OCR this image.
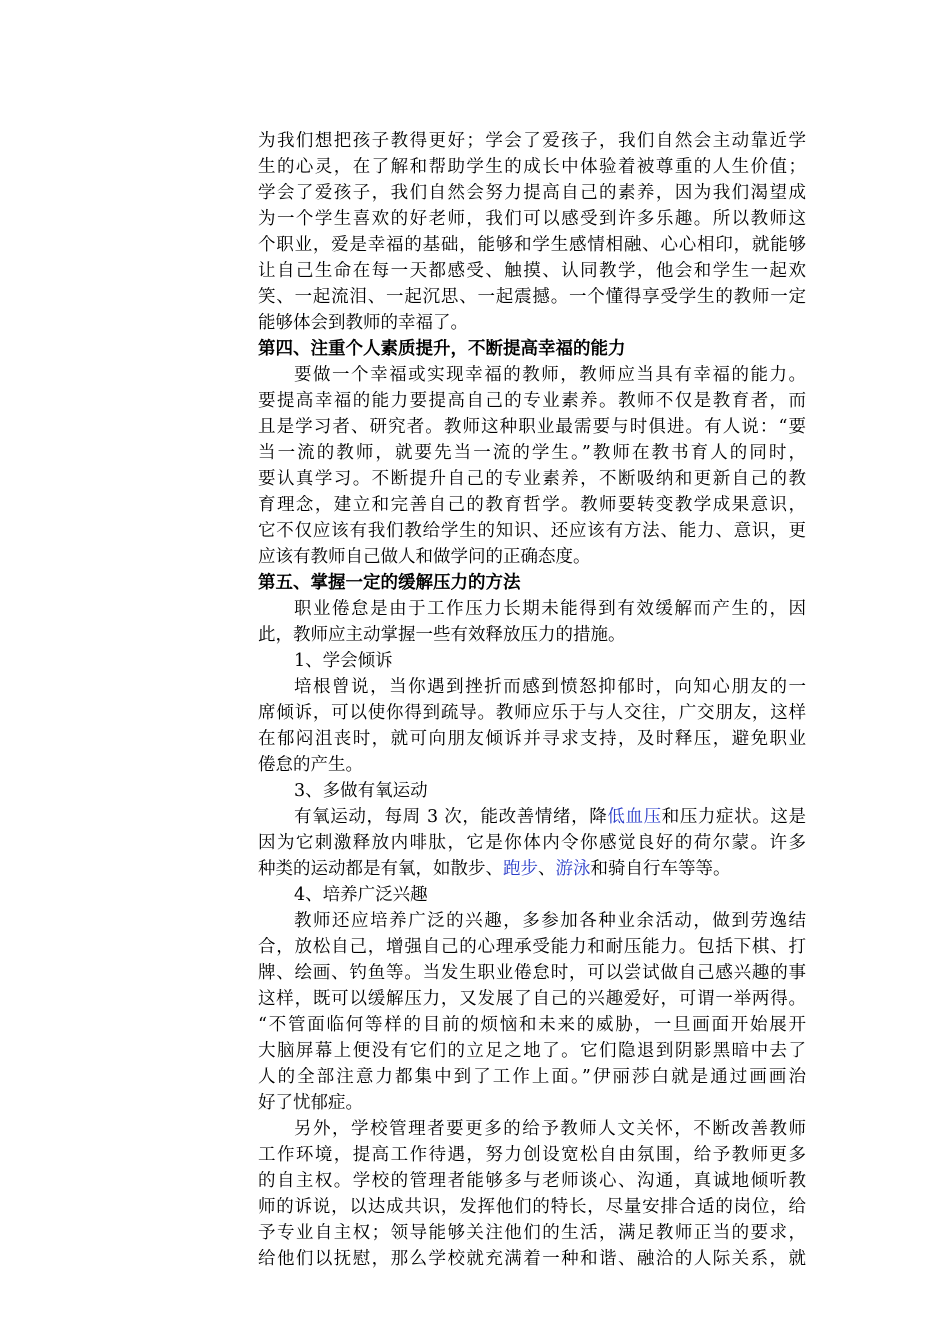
为我们想把孩子教得更好；学会了爱孩子，我们自然会主动靠近学
生的心灵，在了解和帮助学生的成长中体验着被尊重的人生价值；
学会了爱孩子，我们自然会努力提高自己的素养，因为我们渴望成
为一个学生喜欢的好老师，我们可以感受到许多乐趣。所以教师这
个职业，爱是幸福的基础，能够和学生感情相融、心心相印，就能够
让自己生命在每一天都感受、触摸、认同教学，他会和学生一起欢
笑、一起流泪、一起沉思、一起震撼。一个懂得享受学生的教师一定
能够体会到教师的幸福了。
第四、注重个人素质提升，不断提高幸福的能力
要做一个幸福或实现幸福的教师，教师应当具有幸福的能力。
要提高幸福的能力要提高自己的专业素养。教师不仅是教育者，而
且是学习者、研究者。教师这种职业最需要与时俱进。有人说：“要
当一流的教师，就要先当一流的学生。”教师在教书育人的同时，
要认真学习。不断提升自己的专业素养，不断吸纳和更新自己的教
育理念，建立和完善自己的教育哲学。教师要转变教学成果意识，
它不仅应该有我们教给学生的知识、还应该有方法、能力、意识，更
应该有教师自己做人和做学问的正确态度。
第五、掌握一定的缓解压力的方法
职业倦怠是由于工作压力长期未能得到有效缓解而产生的，因
此，教师应主动掌握一些有效释放压力的措施。
1、学会倾诉
培根曾说，当你遇到挫折而感到愤怒抑郁时，向知心朋友的一
席倾诉，可以使你得到疏导。教师应乐于与人交往，广交朋友，这样
在郁闷沮丧时，就可向朋友倾诉并寻求支持，及时释压，避免职业
倦怠的产生。
3、多做有氧运动
有氧运动，每周 3 次，能改善情绪，降低血压和压力症状。这是
因为它刺激释放内啡肽，它是你体内令你感觉良好的荷尔蒙。许多
种类的运动都是有氧，如散步、跑步、游泳和骑自行车等等。
4、培养广泛兴趣
教师还应培养广泛的兴趣，多参加各种业余活动，做到劳逸结
合，放松自己，增强自己的心理承受能力和耐压能力。包括下棋、打
牌、绘画、钓鱼等。当发生职业倦怠时，可以尝试做自己感兴趣的事
这样，既可以缓解压力，又发展了自己的兴趣爱好，可谓一举两得。
“不管面临何等样的目前的烦恼和未来的威胁，一旦画面开始展开
大脑屏幕上便没有它们的立足之地了。它们隐退到阴影黑暗中去了
人的全部注意力都集中到了工作上面。”伊丽莎白就是通过画画治
好了忧郁症。
另外，学校管理者要更多的给予教师人文关怀，不断改善教师
工作环境，提高工作待遇，努力创设宽松自由氛围，给予教师更多
的自主权。学校的管理者能够多与老师谈心、沟通，真诚地倾听教
师的诉说，以达成共识，发挥他们的特长，尽量安排合适的岗位，给
予专业自主权；领导能够关注他们的生活，满足教师正当的要求，
给他们以抚慰，那么学校就充满着一种和谐、融洽的人际关系，就
